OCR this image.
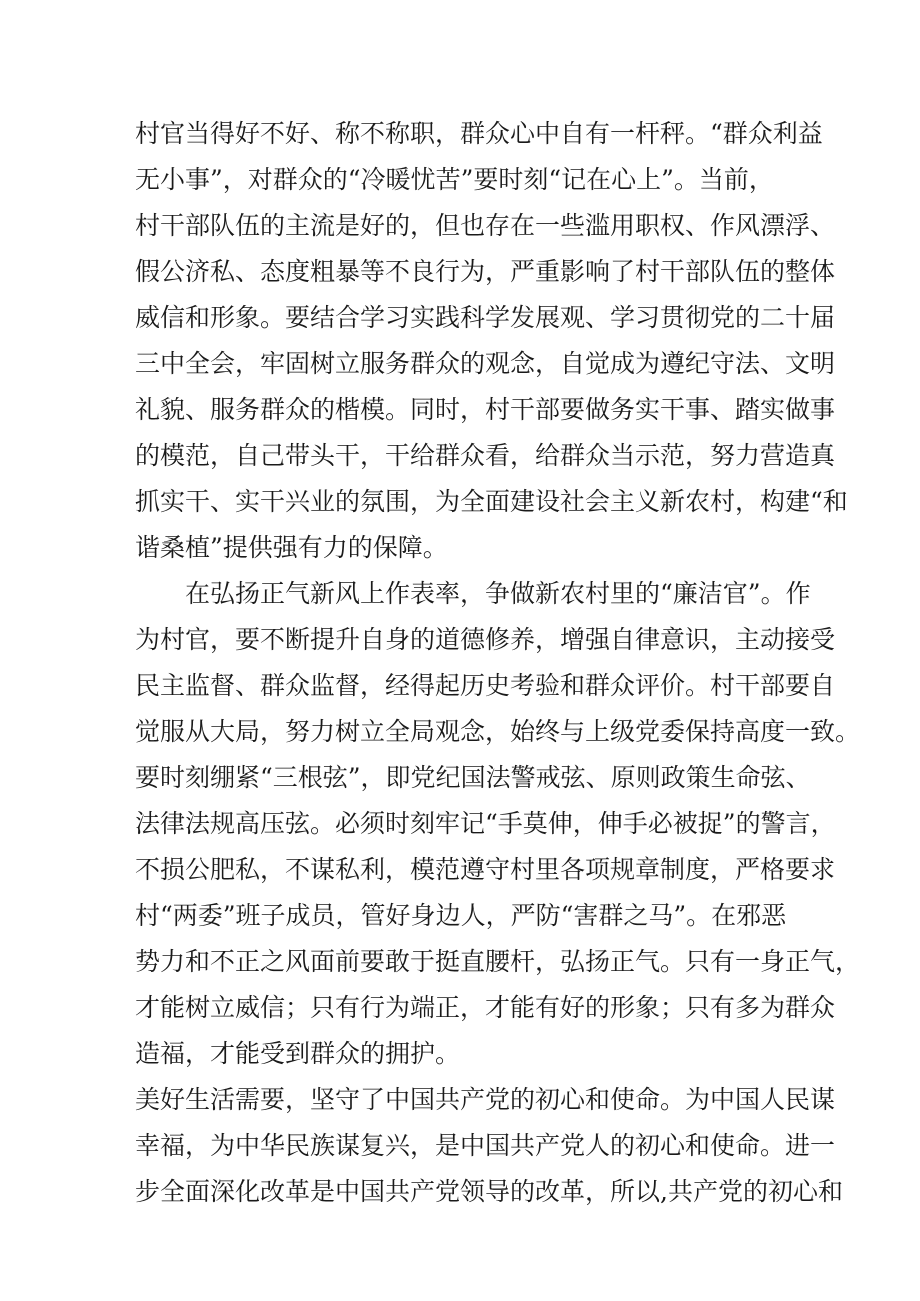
村官当得好不好、称不称职，群众心中自有一杆秤。“群众利益
无小事”，对群众的“冷暖忧苦”要时刻“记在心上”。当前，
村干部队伍的主流是好的，但也存在一些滥用职权、作风漂浮、
假公济私、态度粗暴等不良行为，严重影响了村干部队伍的整体
威信和形象。要结合学习实践科学发展观、学习贯彻党的二十届
三中全会，牢固树立服务群众的观念，自觉成为遵纪守法、文明
礼貌、服务群众的楷模。同时，村干部要做务实干事、踏实做事
的模范，自己带头干，干给群众看，给群众当示范，努力营造真
抓实干、实干兴业的氛围，为全面建设社会主义新农村，构建“和
谐桑植”提供强有力的保障。
在弘扬正气新风上作表率，争做新农村里的“廉洁官”。作
为村官，要不断提升自身的道德修养，增强自律意识，主动接受
民主监督、群众监督，经得起历史考验和群众评价。村干部要自
觉服从大局，努力树立全局观念，始终与上级党委保持高度一致。
要时刻绷紧“三根弦”，即党纪国法警戒弦、原则政策生命弦、
法律法规高压弦。必须时刻牢记“手莫伸，伸手必被捉”的警言，
不损公肥私，不谋私利，模范遵守村里各项规章制度，严格要求
村“两委”班子成员，管好身边人，严防“害群之马”。在邪恶
势力和不正之风面前要敢于挺直腰杆，弘扬正气。只有一身正气，
才能树立威信；只有行为端正，才能有好的形象；只有多为群众
造福，才能受到群众的拥护。
美好生活需要，坚守了中国共产党的初心和使命。为中国人民谋
幸福，为中华民族谋复兴，是中国共产党人的初心和使命。进一
步全面深化改革是中国共产党领导的改革，所以,共产党的初心和
